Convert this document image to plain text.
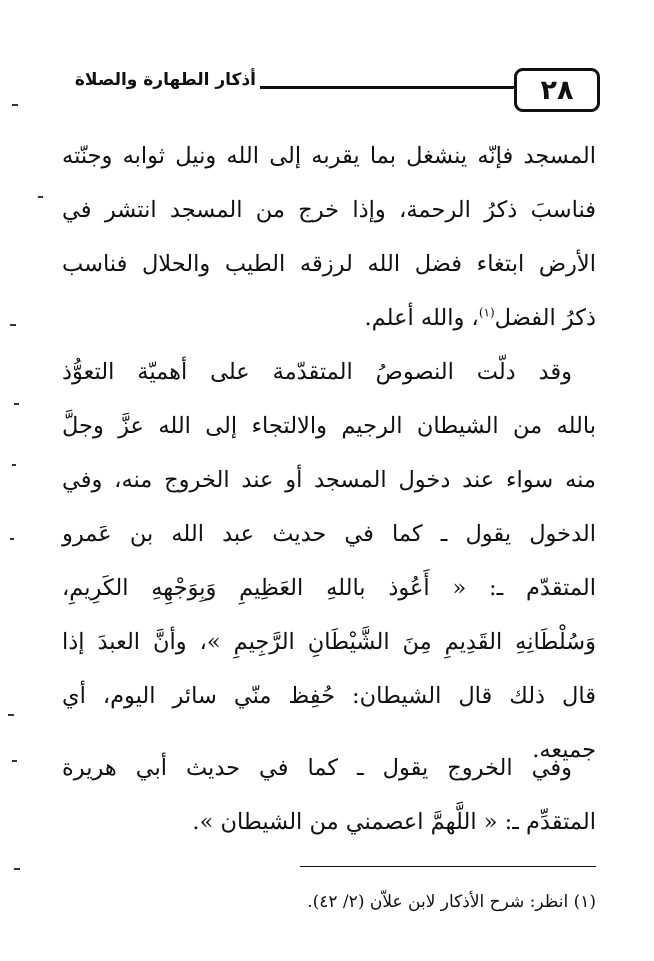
٢٨
أذكار الطهارة والصلاة
المسجد فإنّه ينشغل بما يقربه إلى الله ونيل ثوابه وجنّته
فناسبَ ذكرُ الرحمة، وإذا خرج من المسجد انتشر في
الأرض ابتغاء فضل الله لرزقه الطيب والحلال فناسب
ذكرُ الفضل$^{(١)}$، والله أعلم.
وقد دلّت النصوصُ المتقدّمة على أهميّة التعوُّذ
بالله من الشيطان الرجيم والالتجاء إلى الله عزَّ وجلَّ
منه سواء عند دخول المسجد أو عند الخروج منه، وفي
الدخول يقول ـ كما في حديث عبد الله بن عَمرو
المتقدّم ـ: « أَعُوذ باللهِ العَظِيمِ وَبِوَجْهِهِ الكَرِيمِ،
وَسُلْطَانِهِ القَدِيمِ مِنَ الشَّيْطَانِ الرَّجِيمِ »، وأنَّ العبدَ إذا
قال ذلك قال الشيطان: حُفِظ منّي سائر اليوم، أي
جميعه.
وفي الخروج يقول ـ كما في حديث أبي هريرة
المتقدِّم ـ: « اللَّهمَّ اعصمني من الشيطان ».
(١) انظر: شرح الأذكار لابن علاّن (٢/ ٤٢).
